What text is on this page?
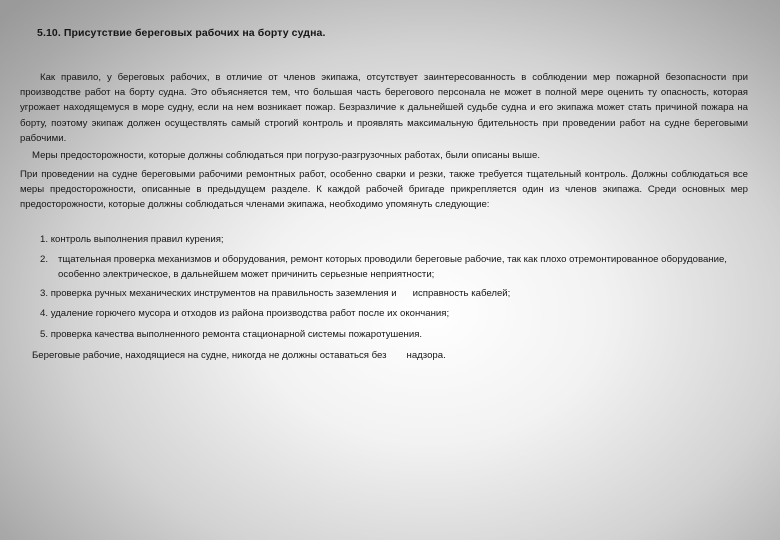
5.10. Присутствие береговых рабочих на борту судна.

Как правило, у береговых рабочих, в отличие от членов экипажа, отсутствует заинтересованность в соблюдении мер пожарной безопасности при производстве работ на борту судна. Это объясняется тем, что большая часть берегового персонала не может в полной мере оценить ту опасность, которая угрожает находящемуся в море судну, если на нем возникает пожар. Безразличие к дальнейшей судьбе судна и его экипажа может стать причиной пожара на борту, поэтому экипаж должен осуществлять самый строгий контроль и проявлять максимальную бдительность при проведении работ на судне береговыми рабочими.

Меры предосторожности, которые должны соблюдаться при погрузо-разгрузочных работах, были описаны выше.

При проведении на судне береговыми рабочими ремонтных работ, особенно сварки и резки, также требуется тщательный контроль. Должны соблюдаться все меры предосторожности, описанные в предыдущем разделе. К каждой рабочей бригаде прикрепляется один из членов экипажа. Среди основных мер предосторожности, которые должны соблюдаться членами экипажа, необходимо упомянуть следующие:

1. контроль выполнения правил курения;
2. тщательная проверка механизмов и оборудования, ремонт которых проводили береговые рабочие, так как плохо отремонтированное оборудование, особенно электрическое, в дальнейшем может причинить серьезные неприятности;
3. проверка ручных механических инструментов на правильность заземления и исправность кабелей;
4. удаление горючего мусора и отходов из района производства работ после их окончания;
5. проверка качества выполненного ремонта стационарной системы пожаротушения.
Береговые рабочие, находящиеся на судне, никогда не должны оставаться без надзора.
